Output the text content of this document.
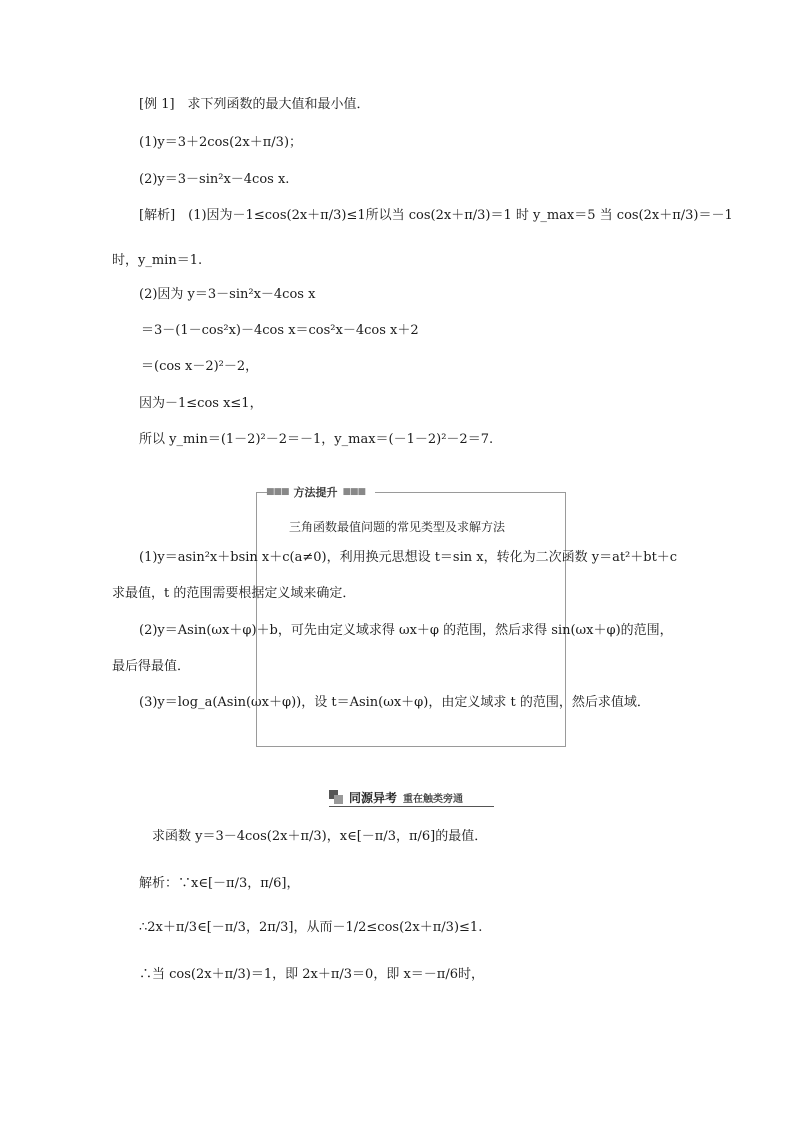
[例 1]　求下列函数的最大值和最小值．
(1)y＝3＋2cos(2x＋π/3)；
(2)y＝3－sin²x－4cos x.
[解析]　(1)因为－1≤cos(2x＋π/3)≤1所以当 cos(2x＋π/3)＝1 时 y_max＝5 当 cos(2x＋π/3)＝－1
时，y_min＝1.
(2)因为 y＝3－sin²x－4cos x
＝3－(1－cos²x)－4cos x＝cos²x－4cos x＋2
＝(cos x－2)²－2，
因为－1≤cos x≤1，
所以 y_min＝(1－2)²－2＝－1，y_max＝(－1－2)²－2＝7.
■■■ 方法提升 ■■■
三角函数最值问题的常见类型及求解方法
(1)y＝asin²x＋bsin x＋c(a≠0)，利用换元思想设 t＝sin x，转化为二次函数 y＝at²＋bt＋c
求最值，t 的范围需要根据定义域来确定．
(2)y＝Asin(ωx＋φ)＋b，可先由定义域求得 ωx＋φ 的范围，然后求得 sin(ωx＋φ)的范围，
最后得最值．
(3)y＝log_a(Asin(ωx＋φ))，设 t＝Asin(ωx＋φ)，由定义域求 t 的范围，然后求值域．
同源异考 重在触类旁通
求函数 y＝3－4cos(2x＋π/3)，x∈[－π/3，π/6]的最值．
解析：∵x∈[－π/3，π/6]，
∴2x＋π/3∈[－π/3，2π/3]，从而－1/2≤cos(2x＋π/3)≤1.
∴当 cos(2x＋π/3)＝1，即 2x＋π/3＝0，即 x＝－π/6时，
